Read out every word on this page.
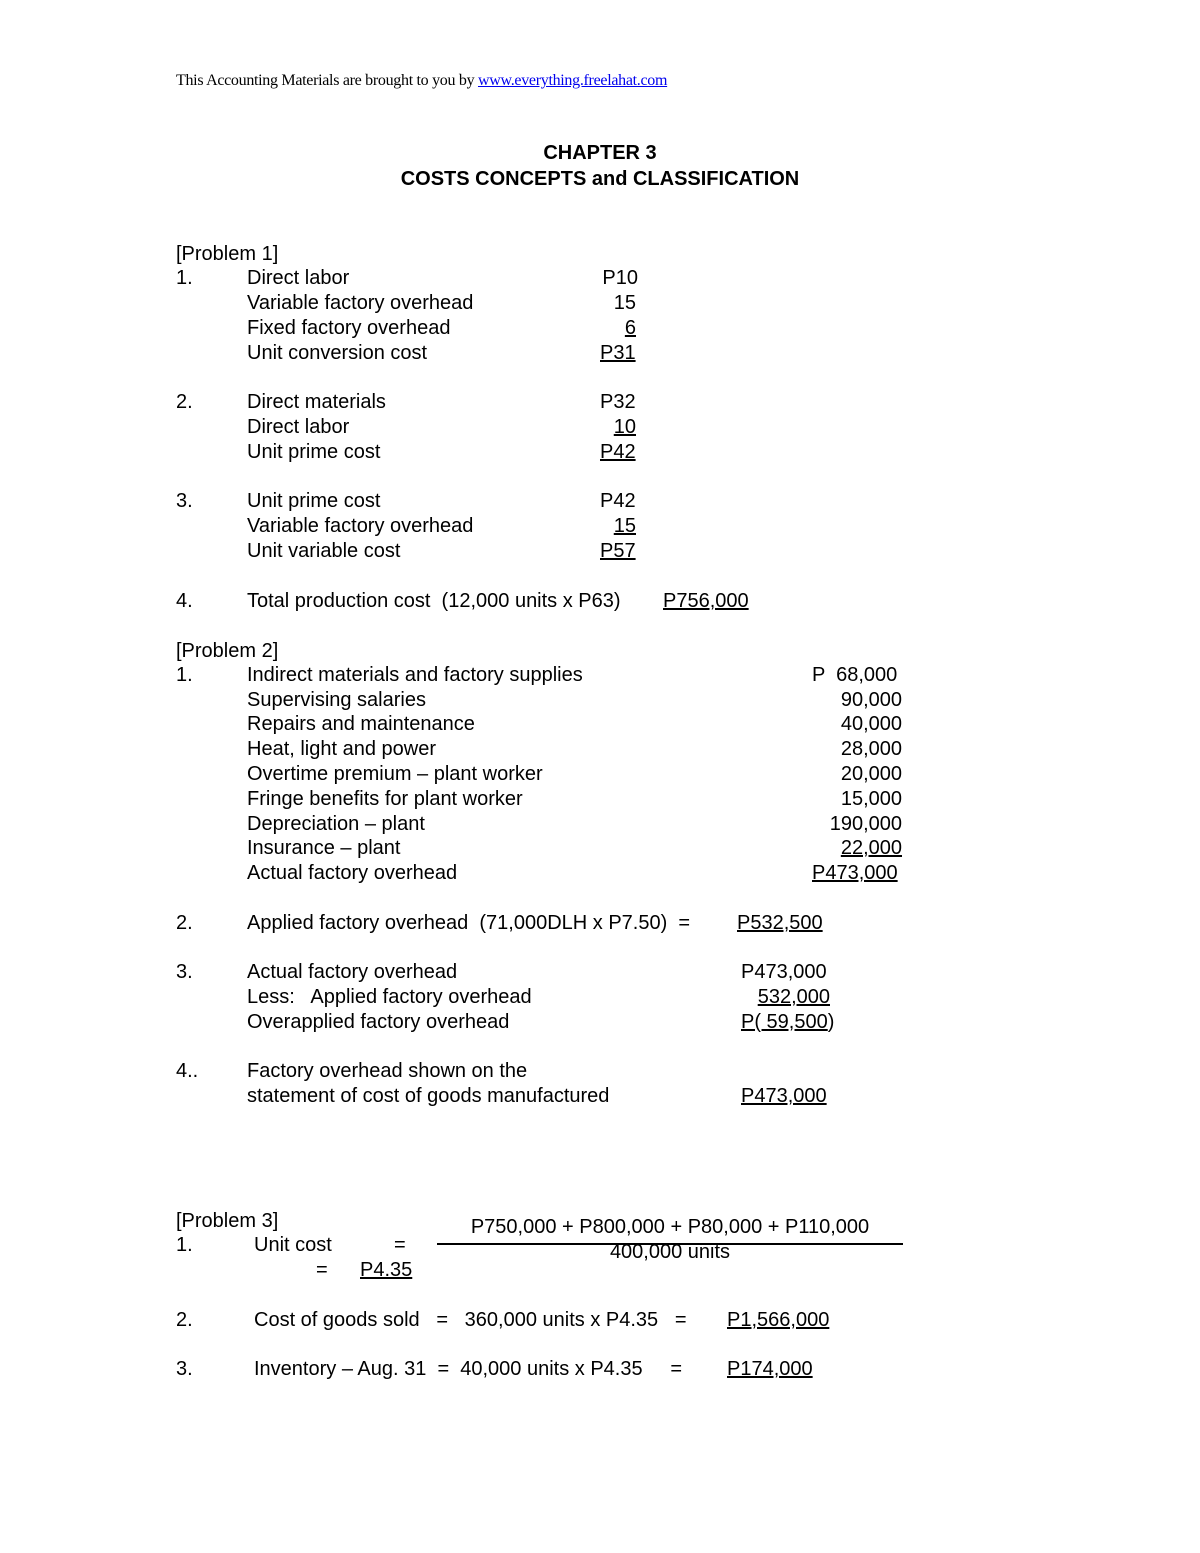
This Accounting Materials are brought to you by www.everything.freelahat.com
CHAPTER 3
COSTS CONCEPTS and CLASSIFICATION
[Problem 1]
1.	Direct labor	P10
Variable factory overhead	15
Fixed factory overhead	6
Unit conversion cost	P31
2.	Direct materials	P32
Direct labor	10
Unit prime cost	P42
3.	Unit prime cost	P42
Variable factory overhead	15
Unit variable cost	P57
4.	Total production cost  (12,000 units x P63) P756,000
[Problem 2]
1.	Indirect materials and factory supplies	P  68,000
Supervising salaries	90,000
Repairs and maintenance	40,000
Heat, light and power	28,000
Overtime premium – plant worker	20,000
Fringe benefits for plant worker	15,000
Depreciation – plant	190,000
Insurance – plant	22,000
Actual factory overhead	P473,000
2.	Applied factory overhead  (71,000DLH x P7.50)  = P532,500
3.	Actual factory overhead	P473,000
Less:   Applied factory overhead	532,000
Overapplied factory overhead	P( 59,500)
4.. Factory overhead shown on the
statement of cost of goods manufactured	P473,000
[Problem 3]
1.	Unit cost	=
P750,000 + P800,000 + P80,000 + P110,000
400,000 units
= P4.35
2.	Cost of goods sold   =   360,000 units x P4.35   = P1,566,000
3.	Inventory – Aug. 31  =  40,000 units x P4.35     = P174,000
